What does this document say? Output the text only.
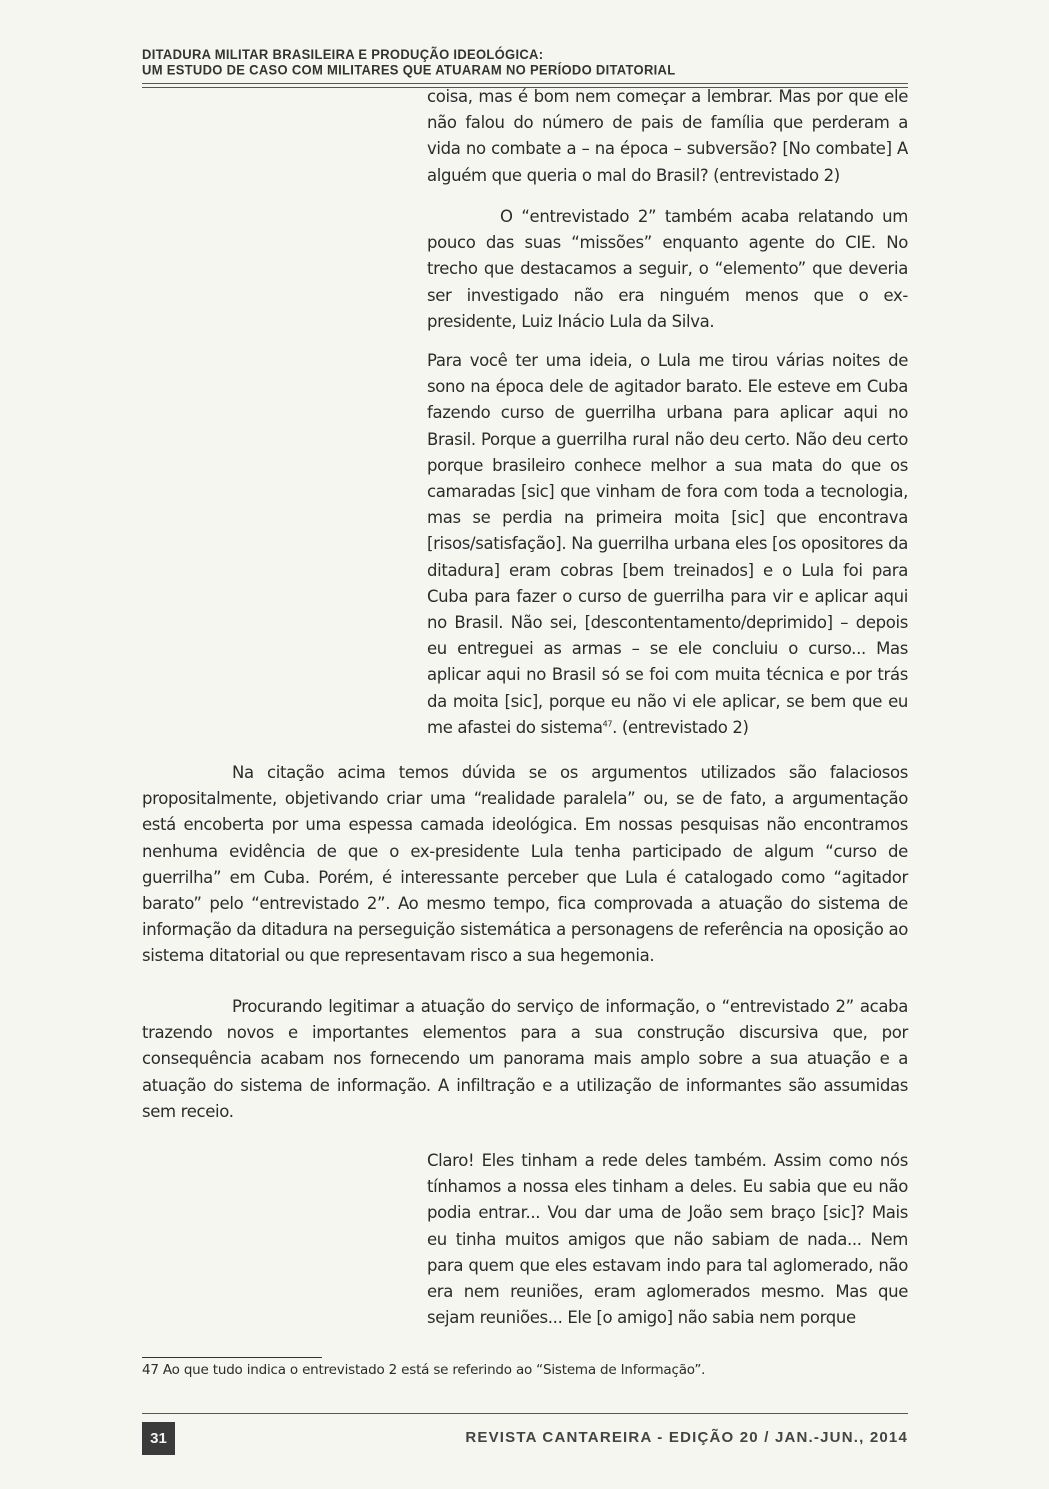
DITADURA MILITAR BRASILEIRA E PRODUÇÃO IDEOLÓGICA:
UM ESTUDO DE CASO COM MILITARES QUE ATUARAM NO PERÍODO DITATORIAL
coisa, mas é bom nem começar a lembrar. Mas por que ele não falou do número de pais de família que perderam a vida no combate a – na época – subversão? [No combate] A alguém que queria o mal do Brasil? (entrevistado 2)
O “entrevistado 2” também acaba relatando um pouco das suas “missões” enquanto agente do CIE. No trecho que destacamos a seguir, o “elemento” que deveria ser investigado não era ninguém menos que o ex-presidente, Luiz Inácio Lula da Silva.
Para você ter uma ideia, o Lula me tirou várias noites de sono na época dele de agitador barato. Ele esteve em Cuba fazendo curso de guerrilha urbana para aplicar aqui no Brasil. Porque a guerrilha rural não deu certo. Não deu certo porque brasileiro conhece melhor a sua mata do que os camaradas [sic] que vinham de fora com toda a tecnologia, mas se perdia na primeira moita [sic] que encontrava [risos/satisfação]. Na guerrilha urbana eles [os opositores da ditadura] eram cobras [bem treinados] e o Lula foi para Cuba para fazer o curso de guerrilha para vir e aplicar aqui no Brasil. Não sei, [descontentamento/deprimido] – depois eu entreguei as armas – se ele concluiu o curso... Mas aplicar aqui no Brasil só se foi com muita técnica e por trás da moita [sic], porque eu não vi ele aplicar, se bem que eu me afastei do sistema$^{47}$. (entrevistado 2)
Na citação acima temos dúvida se os argumentos utilizados são falaciosos propositalmente, objetivando criar uma “realidade paralela” ou, se de fato, a argumentação está encoberta por uma espessa camada ideológica. Em nossas pesquisas não encontramos nenhuma evidência de que o ex-presidente Lula tenha participado de algum “curso de guerrilha” em Cuba. Porém, é interessante perceber que Lula é catalogado como “agitador barato” pelo “entrevistado 2”. Ao mesmo tempo, fica comprovada a atuação do sistema de informação da ditadura na perseguição sistemática a personagens de referência na oposição ao sistema ditatorial ou que representavam risco a sua hegemonia.
Procurando legitimar a atuação do serviço de informação, o “entrevistado 2” acaba trazendo novos e importantes elementos para a sua construção discursiva que, por consequência acabam nos fornecendo um panorama mais amplo sobre a sua atuação e a atuação do sistema de informação. A infiltração e a utilização de informantes são assumidas sem receio.
Claro! Eles tinham a rede deles também. Assim como nós tínhamos a nossa eles tinham a deles. Eu sabia que eu não podia entrar... Vou dar uma de João sem braço [sic]? Mais eu tinha muitos amigos que não sabiam de nada... Nem para quem que eles estavam indo para tal aglomerado, não era nem reuniões, eram aglomerados mesmo. Mas que sejam reuniões... Ele [o amigo] não sabia nem porque
47 Ao que tudo indica o entrevistado 2 está se referindo ao “Sistema de Informação”.
31	REVISTA CANTAREIRA - EDIÇÃO 20 / JAN.-JUN., 2014
